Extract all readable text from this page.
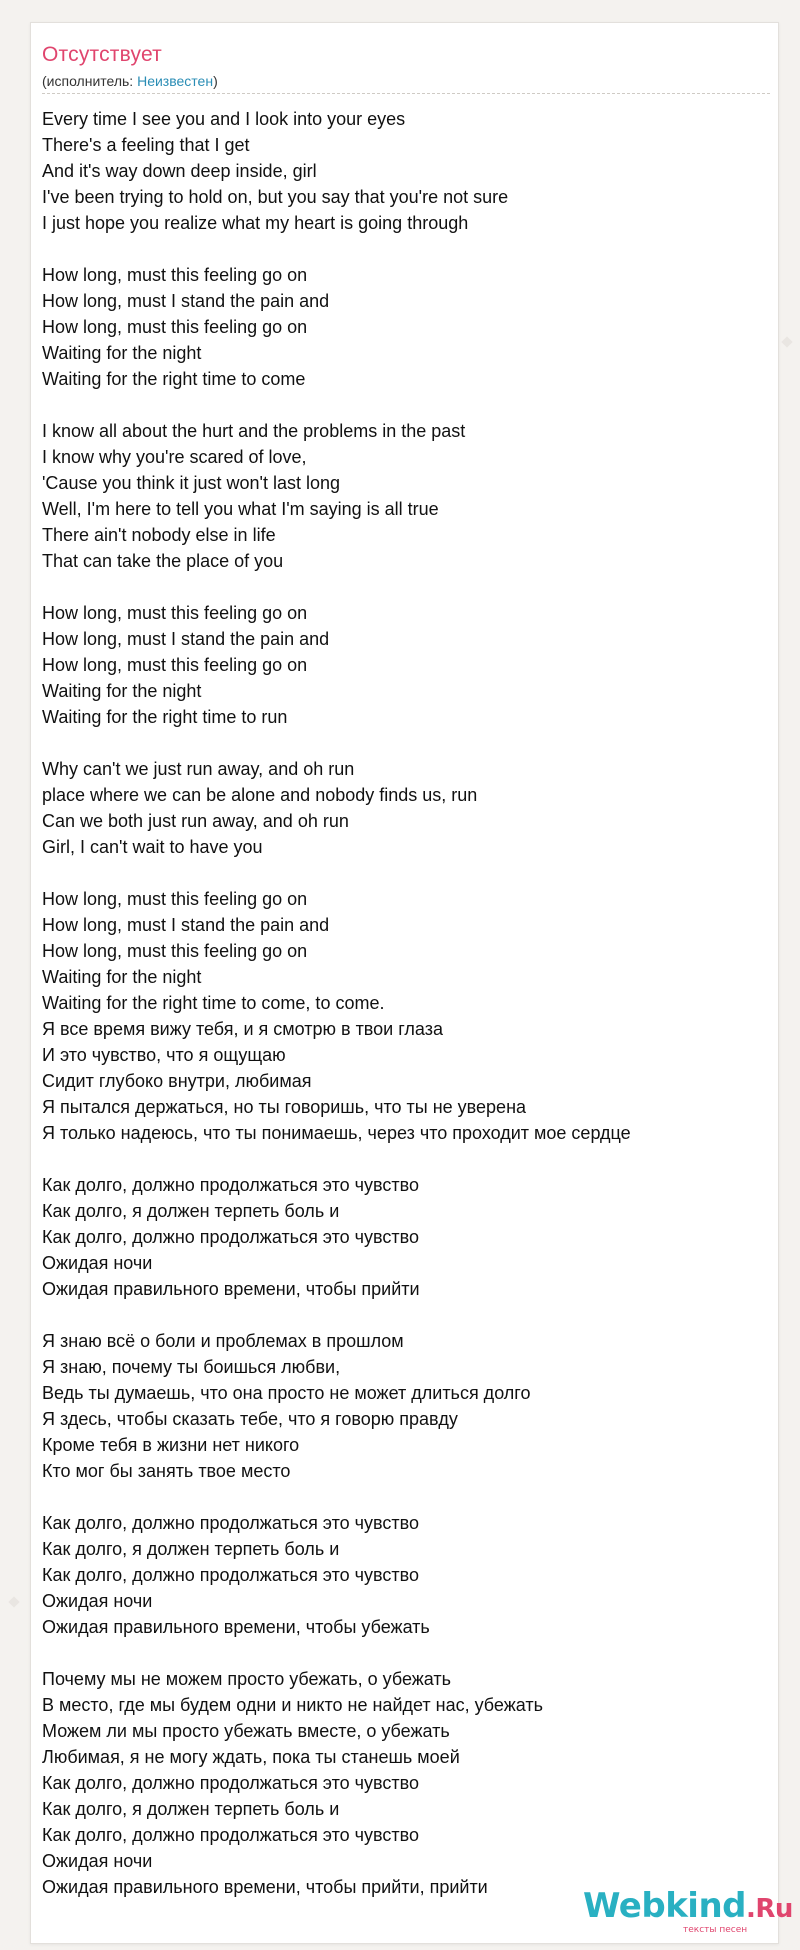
Отсутствует
(исполнитель: Неизвестен)
Every time I see you and I look into your eyes
There's a feeling that I get
And it's way down deep inside, girl
I've been trying to hold on, but you say that you're not sure
I just hope you realize what my heart is going through
How long, must this feeling go on
How long, must I stand the pain and
How long, must this feeling go on
Waiting for the night
Waiting for the right time to come
I know all about the hurt and the problems in the past
I know why you're scared of love,
'Cause you think it just won't last long
Well, I'm here to tell you what I'm saying is all true
There ain't nobody else in life
That can take the place of you
How long, must this feeling go on
How long, must I stand the pain and
How long, must this feeling go on
Waiting for the night
Waiting for the right time to run
Why can't we just run away, and oh run
place where we can be alone and nobody finds us, run
Can we both just run away, and oh run
Girl, I can't wait to have you
How long, must this feeling go on
How long, must I stand the pain and
How long, must this feeling go on
Waiting for the night
Waiting for the right time to come, to come.
Я все время вижу тебя, и я смотрю в твои глаза
И это чувство, что я ощущаю
Сидит глубоко внутри, любимая
Я пытался держаться, но ты говоришь, что ты не уверена
Я только надеюсь, что ты понимаешь, через что проходит мое сердце
Как долго, должно продолжаться это чувство
Как долго, я должен терпеть боль и
Как долго, должно продолжаться это чувство
Ожидая ночи
Ожидая правильного времени, чтобы прийти
Я знаю всё о боли и проблемах в прошлом
Я знаю, почему ты боишься любви,
Ведь ты думаешь, что она просто не может длиться долго
Я здесь, чтобы сказать тебе, что я говорю правду
Кроме тебя в жизни нет никого
Кто мог бы занять твое место
Как долго, должно продолжаться это чувство
Как долго, я должен терпеть боль и
Как долго, должно продолжаться это чувство
Ожидая ночи
Ожидая правильного времени, чтобы убежать
Почему мы не можем просто убежать, о убежать
В место, где мы будем одни и никто не найдет нас, убежать
Можем ли мы просто убежать вместе, о убежать
Любимая, я не могу ждать, пока ты станешь моей
Как долго, должно продолжаться это чувство
Как долго, я должен терпеть боль и
Как долго, должно продолжаться это чувство
Ожидая ночи
Ожидая правильного времени, чтобы прийти, прийти	Webkind.Ru
тексты песен
